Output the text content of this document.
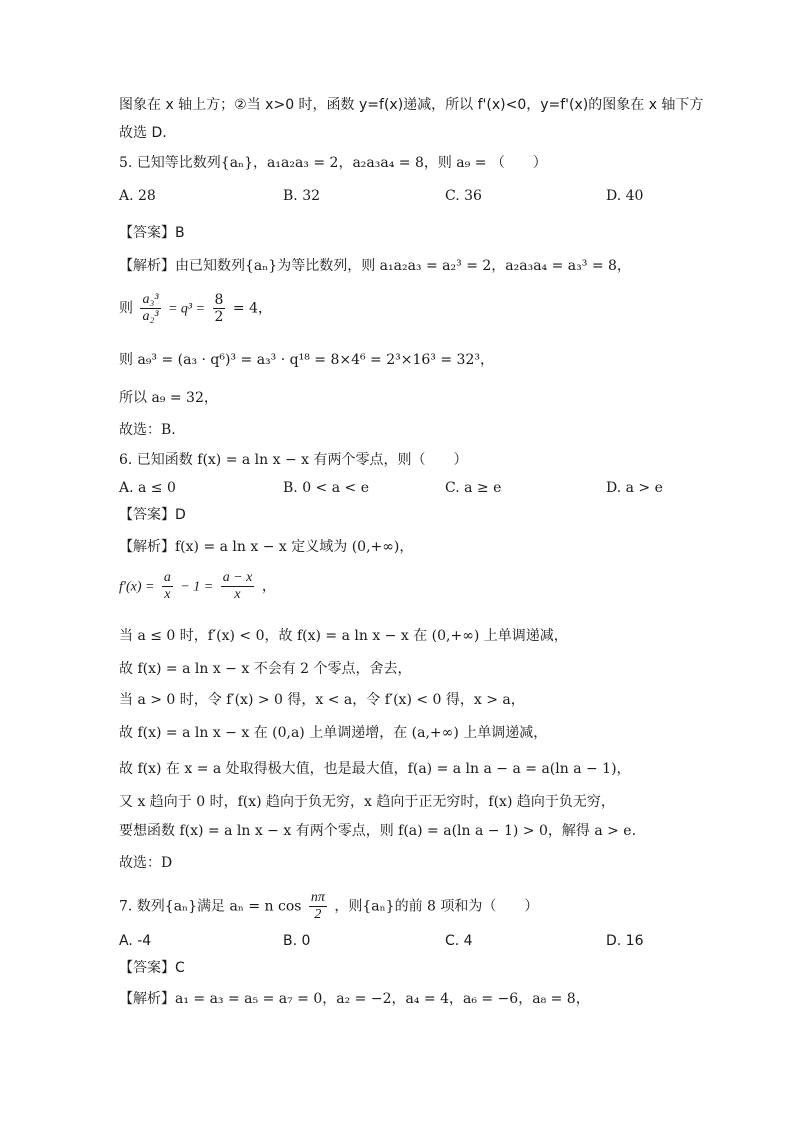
图象在 x 轴上方；②当 x>0 时，函数 y=f(x)递减，所以 f'(x)<0，y=f'(x)的图象在 x 轴下方
故选 D.
5. 已知等比数列{aₙ}，a₁a₂a₃ = 2，a₂a₃a₄ = 8，则 a₉ = （　　）
A. 28	B. 32	C. 36	D. 40
【答案】B
【解析】由已知数列{aₙ}为等比数列，则 a₁a₂a₃ = a₂³ = 2，a₂a₃a₄ = a₃³ = 8，
则 $\frac{\text{a₃³}}{\text{a₂³}} = q^3 = \frac{8}{2} = 4$，
则 a₉³ = (a₃ · q⁶)³ = a₃³ · q¹⁸ = 8×4⁶ = 2³×16³ = 32³，
所以 a₉ = 32，
故选：B.
6. 已知函数 f(x) = a ln x − x 有两个零点，则（　　）
A. a ≤ 0	B. 0 < a < e	C. a ≥ e	D. a > e
【答案】D
【解析】f(x) = a ln x − x 定义域为 (0,+∞)，
$f'(x) = \frac{a}{x} - 1 = \frac{a - x}{x}$ ，
当 a ≤ 0 时，f′(x) < 0，故 f(x) = a ln x − x 在 (0,+∞) 上单调递减，
故 f(x) = a ln x − x 不会有 2 个零点，舍去，
当 a > 0 时，令 f′(x) > 0 得，x < a，令 f′(x) < 0 得，x > a，
故 f(x) = a ln x − x 在 (0,a) 上单调递增，在 (a,+∞) 上单调递减，
故 f(x) 在 x = a 处取得极大值，也是最大值，f(a) = a ln a − a = a(ln a − 1)，
又 x 趋向于 0 时，f(x) 趋向于负无穷，x 趋向于正无穷时，f(x) 趋向于负无穷，
要想函数 f(x) = a ln x − x 有两个零点，则 f(a) = a(ln a − 1) > 0，解得 a > e.
故选：D
7. 数列{aₙ}满足 aₙ = n $\cos \frac{n\pi}{2}$ ，则{aₙ}的前 8 项和为（　　）
A. -4	B. 0	C. 4	D. 16
【答案】C
【解析】a₁ = a₃ = a₅ = a₇ = 0，a₂ = −2，a₄ = 4，a₆ = −6，a₈ = 8，
